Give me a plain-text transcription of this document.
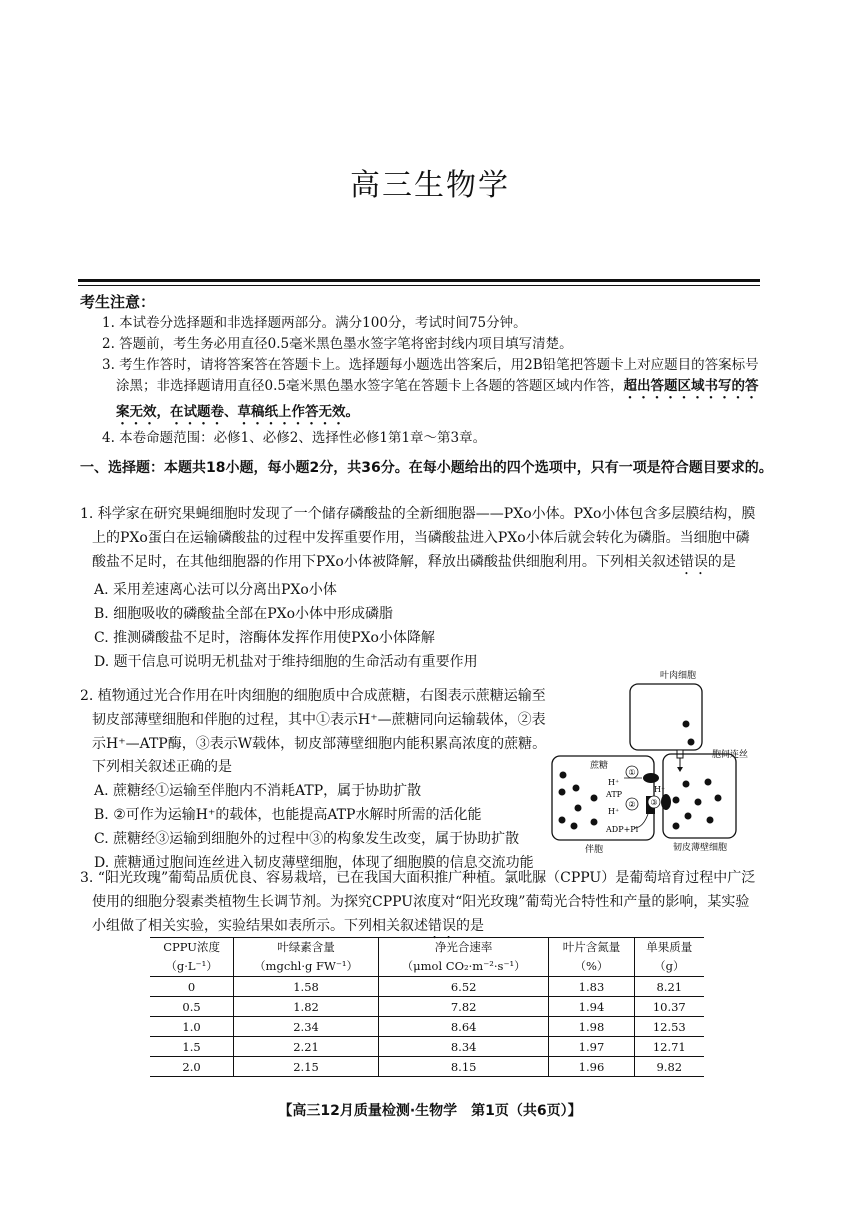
高三生物学
考生注意：

1. 本试卷分选择题和非选择题两部分。满分100分，考试时间75分钟。

2. 答题前，考生务必用直径0.5毫米黑色墨水签字笔将密封线内项目填写清楚。

3. 考生作答时，请将答案答在答题卡上。选择题每小题选出答案后，用2B铅笔把答题卡上对应题目的答案标号涂黑；非选择题请用直径0.5毫米黑色墨水签字笔在答题卡上各题的答题区域内作答，超出答题区域书写的答案无效，在试题卷、草稿纸上作答无效。

4. 本卷命题范围：必修1、必修2、选择性必修1第1章～第3章。

一、选择题：本题共18小题，每小题2分，共36分。在每小题给出的四个选项中，只有一项是符合题目要求的。

1. 科学家在研究果蝇细胞时发现了一个储存磷酸盐的全新细胞器——PXo小体。PXo小体包含多层膜结构，膜上的PXo蛋白在运输磷酸盐的过程中发挥重要作用，当磷酸盐进入PXo小体后就会转化为磷脂。当细胞中磷酸盐不足时，在其他细胞器的作用下PXo小体被降解，释放出磷酸盐供细胞利用。下列相关叙述错误的是

A. 采用差速离心法可以分离出PXo小体

B. 细胞吸收的磷酸盐全部在PXo小体中形成磷脂

C. 推测磷酸盐不足时，溶酶体发挥作用使PXo小体降解

D. 题干信息可说明无机盐对于维持细胞的生命活动有重要作用

2. 植物通过光合作用在叶肉细胞的细胞质中合成蔗糖，右图表示蔗糖运输至韧皮部薄壁细胞和伴胞的过程，其中①表示H⁺—蔗糖同向运输载体，②表示H⁺—ATP酶，③表示W载体，韧皮部薄壁细胞内能积累高浓度的蔗糖。下列相关叙述正确的是

A. 蔗糖经①运输至伴胞内不消耗ATP，属于协助扩散

B. ②可作为运输H⁺的载体，也能提高ATP水解时所需的活化能

C. 蔗糖经③运输到细胞外的过程中③的构象发生改变，属于协助扩散

D. 蔗糖通过胞间连丝进入韧皮薄壁细胞，体现了细胞膜的信息交流功能

叶肉细胞
胞间连丝
韧皮薄壁细胞
蔗糖
①
H⁺
H⁺
②
ATP
H⁺
ADP+Pi
③
伴胞

3. “阳光玫瑰”葡萄品质优良、容易栽培，已在我国大面积推广种植。氯吡脲（CPPU）是葡萄培育过程中广泛使用的细胞分裂素类植物生长调节剂。为探究CPPU浓度对“阳光玫瑰”葡萄光合特性和产量的影响，某实验小组做了相关实验，实验结果如表所示。下列相关叙述错误的是

CPPU浓度	叶绿素含量	净光合速率	叶片含氮量	单果质量
（g·L⁻¹）	（mgchl·g FW⁻¹）	（μmol CO₂·m⁻²·s⁻¹）	（%）	（g）
0	1.58	6.52	1.83	8.21
0.5	1.82	7.82	1.94	10.37
1.0	2.34	8.64	1.98	12.53
1.5	2.21	8.34	1.97	12.71
2.0	2.15	8.15	1.96	9.82
【高三12月质量检测·生物学　第1页（共6页）】
